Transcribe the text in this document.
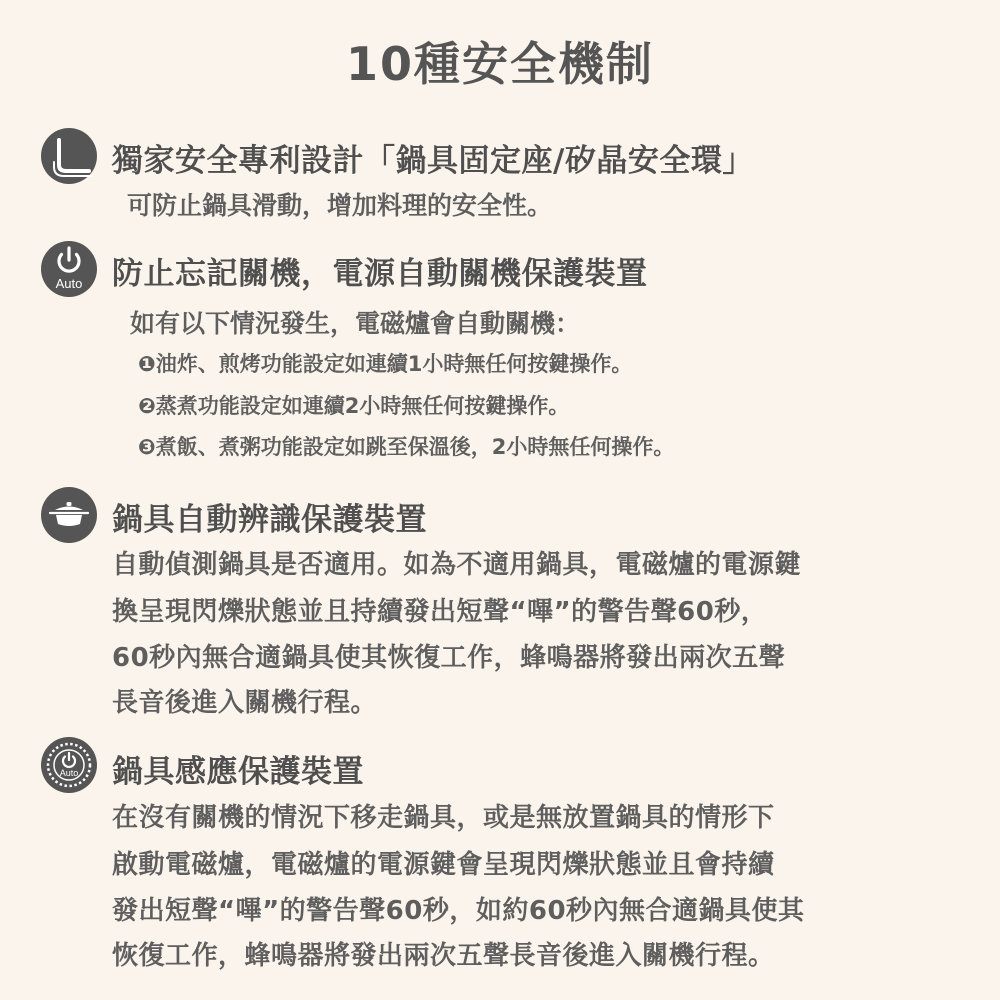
10種安全機制
獨家安全專利設計「鍋具固定座/矽晶安全環」
可防止鍋具滑動，增加料理的安全性。
Auto 防止忘記關機，電源自動關機保護裝置
如有以下情況發生，電磁爐會自動關機：
❶油炸、煎烤功能設定如連續1小時無任何按鍵操作。
❷蒸煮功能設定如連續2小時無任何按鍵操作。
❸煮飯、煮粥功能設定如跳至保溫後，2小時無任何操作。
鍋具自動辨識保護裝置
自動偵測鍋具是否適用。如為不適用鍋具，電磁爐的電源鍵
換呈現閃爍狀態並且持續發出短聲“嗶”的警告聲60秒，
60秒內無合適鍋具使其恢復工作，蜂鳴器將發出兩次五聲
長音後進入關機行程。
Auto 鍋具感應保護裝置
在沒有關機的情況下移走鍋具，或是無放置鍋具的情形下
啟動電磁爐，電磁爐的電源鍵會呈現閃爍狀態並且會持續
發出短聲“嗶”的警告聲60秒，如約60秒內無合適鍋具使其
恢復工作，蜂鳴器將發出兩次五聲長音後進入關機行程。
